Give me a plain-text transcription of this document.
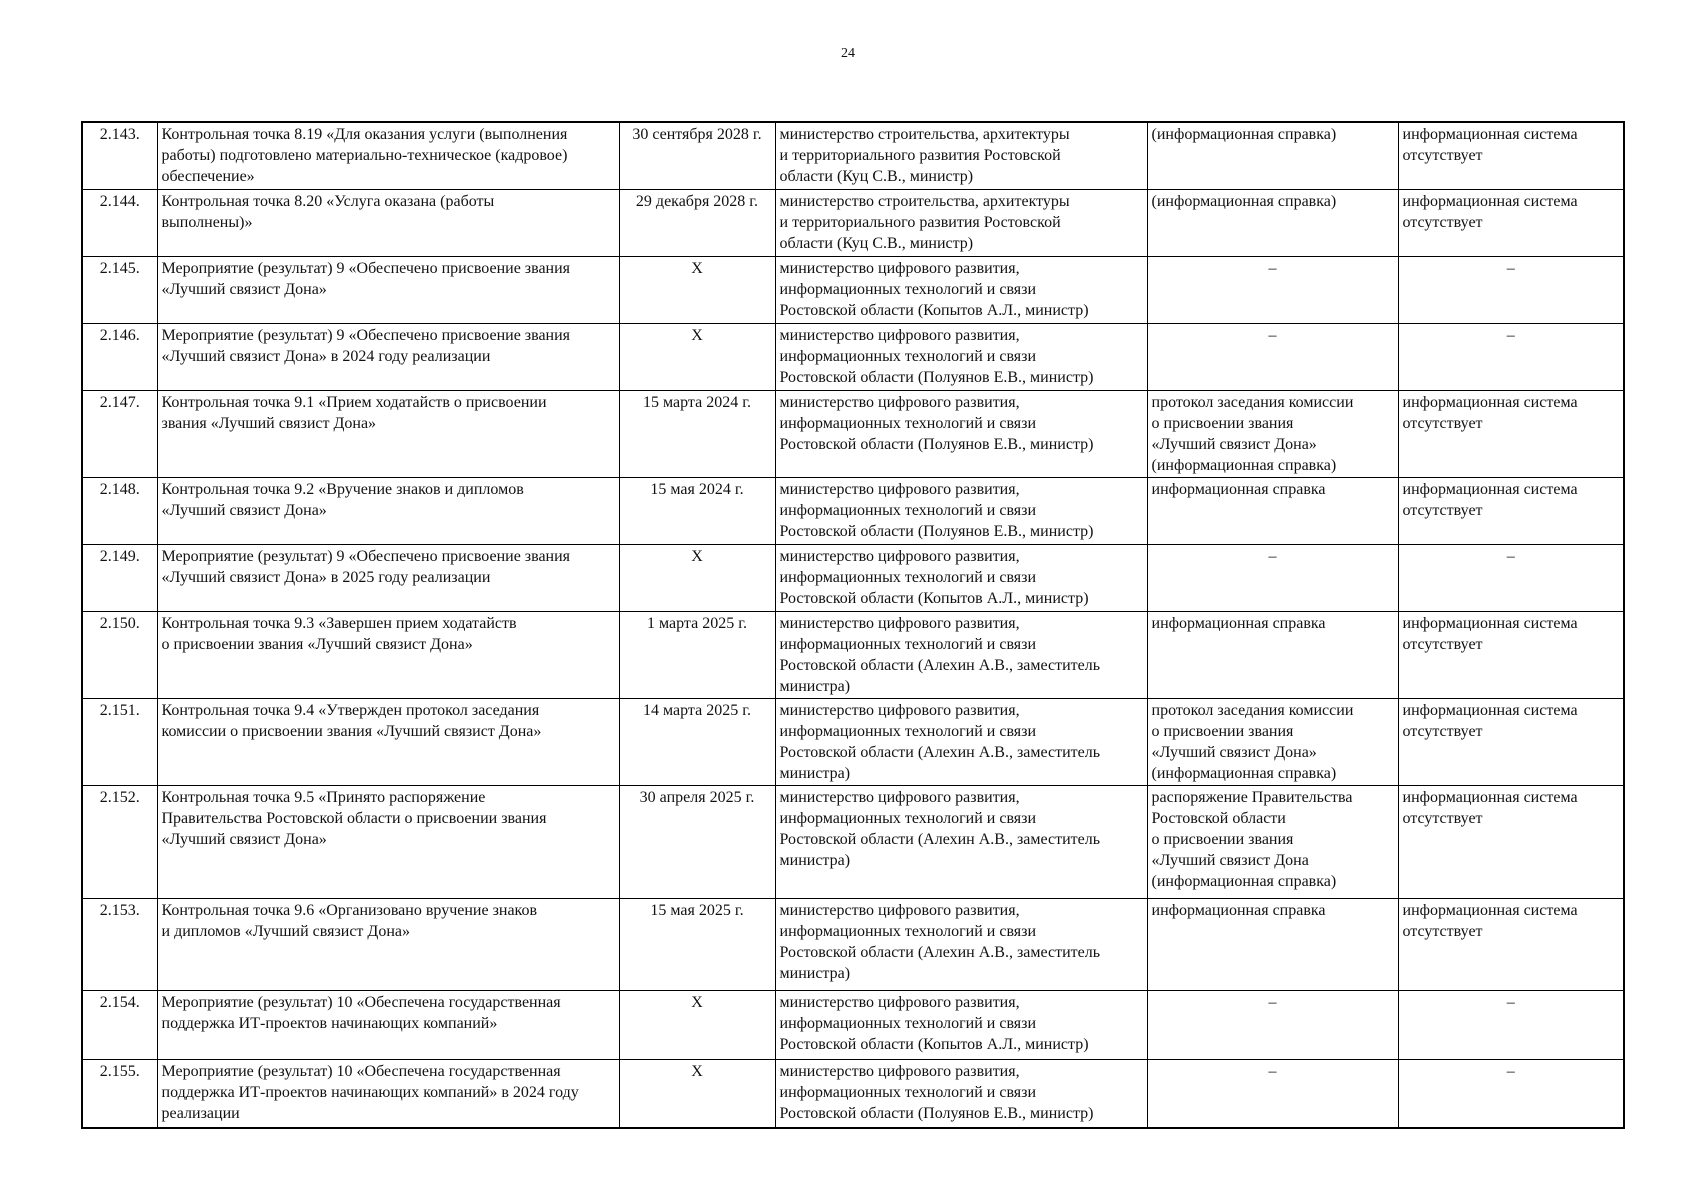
24
2.143.	Контрольная точка 8.19 «Для оказания услуги (выполнения
работы) подготовлено материально-техническое (кадровое)
обеспечение»	30 сентября 2028 г.	министерство строительства, архитектуры
и территориального развития Ростовской
области (Куц С.В., министр)	(информационная справка)	информационная система
отсутствует
2.144.	Контрольная точка 8.20 «Услуга оказана (работы
выполнены)»	29 декабря 2028 г.	министерство строительства, архитектуры
и территориального развития Ростовской
области (Куц С.В., министр)	(информационная справка)	информационная система
отсутствует
2.145.	Мероприятие (результат) 9 «Обеспечено присвоение звания
«Лучший связист Дона»	X	министерство цифрового развития,
информационных технологий и связи
Ростовской области (Копытов А.Л., министр)	–	–
2.146.	Мероприятие (результат) 9 «Обеспечено присвоение звания
«Лучший связист Дона» в 2024 году реализации	X	министерство цифрового развития,
информационных технологий и связи
Ростовской области (Полуянов Е.В., министр)	–	–
2.147.	Контрольная точка 9.1 «Прием ходатайств о присвоении
звания «Лучший связист Дона»	15 марта 2024 г.	министерство цифрового развития,
информационных технологий и связи
Ростовской области (Полуянов Е.В., министр)	протокол заседания комиссии
о присвоении звания
«Лучший связист Дона»
(информационная справка)	информационная система
отсутствует
2.148.	Контрольная точка 9.2 «Вручение знаков и дипломов
«Лучший связист Дона»	15 мая 2024 г.	министерство цифрового развития,
информационных технологий и связи
Ростовской области (Полуянов Е.В., министр)	информационная справка	информационная система
отсутствует
2.149.	Мероприятие (результат) 9 «Обеспечено присвоение звания
«Лучший связист Дона» в 2025 году реализации	X	министерство цифрового развития,
информационных технологий и связи
Ростовской области (Копытов А.Л., министр)	–	–
2.150.	Контрольная точка 9.3 «Завершен прием ходатайств
о присвоении звания «Лучший связист Дона»	1 марта 2025 г.	министерство цифрового развития,
информационных технологий и связи
Ростовской области (Алехин А.В., заместитель
министра)	информационная справка	информационная система
отсутствует
2.151.	Контрольная точка 9.4 «Утвержден протокол заседания
комиссии о присвоении звания «Лучший связист Дона»	14 марта 2025 г.	министерство цифрового развития,
информационных технологий и связи
Ростовской области (Алехин А.В., заместитель
министра)	протокол заседания комиссии
о присвоении звания
«Лучший связист Дона»
(информационная справка)	информационная система
отсутствует
2.152.	Контрольная точка 9.5 «Принято распоряжение
Правительства Ростовской области о присвоении звания
«Лучший связист Дона»	30 апреля 2025 г.	министерство цифрового развития,
информационных технологий и связи
Ростовской области (Алехин А.В., заместитель
министра)	распоряжение Правительства
Ростовской области
о присвоении звания
«Лучший связист Дона
(информационная справка)	информационная система
отсутствует
2.153.	Контрольная точка 9.6 «Организовано вручение знаков
и дипломов «Лучший связист Дона»	15 мая 2025 г.	министерство цифрового развития,
информационных технологий и связи
Ростовской области (Алехин А.В., заместитель
министра)	информационная справка	информационная система
отсутствует
2.154.	Мероприятие (результат) 10 «Обеспечена государственная
поддержка ИТ-проектов начинающих компаний»	X	министерство цифрового развития,
информационных технологий и связи
Ростовской области (Копытов А.Л., министр)	–	–
2.155.	Мероприятие (результат) 10 «Обеспечена государственная
поддержка ИТ-проектов начинающих компаний» в 2024 году
реализации	X	министерство цифрового развития,
информационных технологий и связи
Ростовской области (Полуянов Е.В., министр)	–	–
